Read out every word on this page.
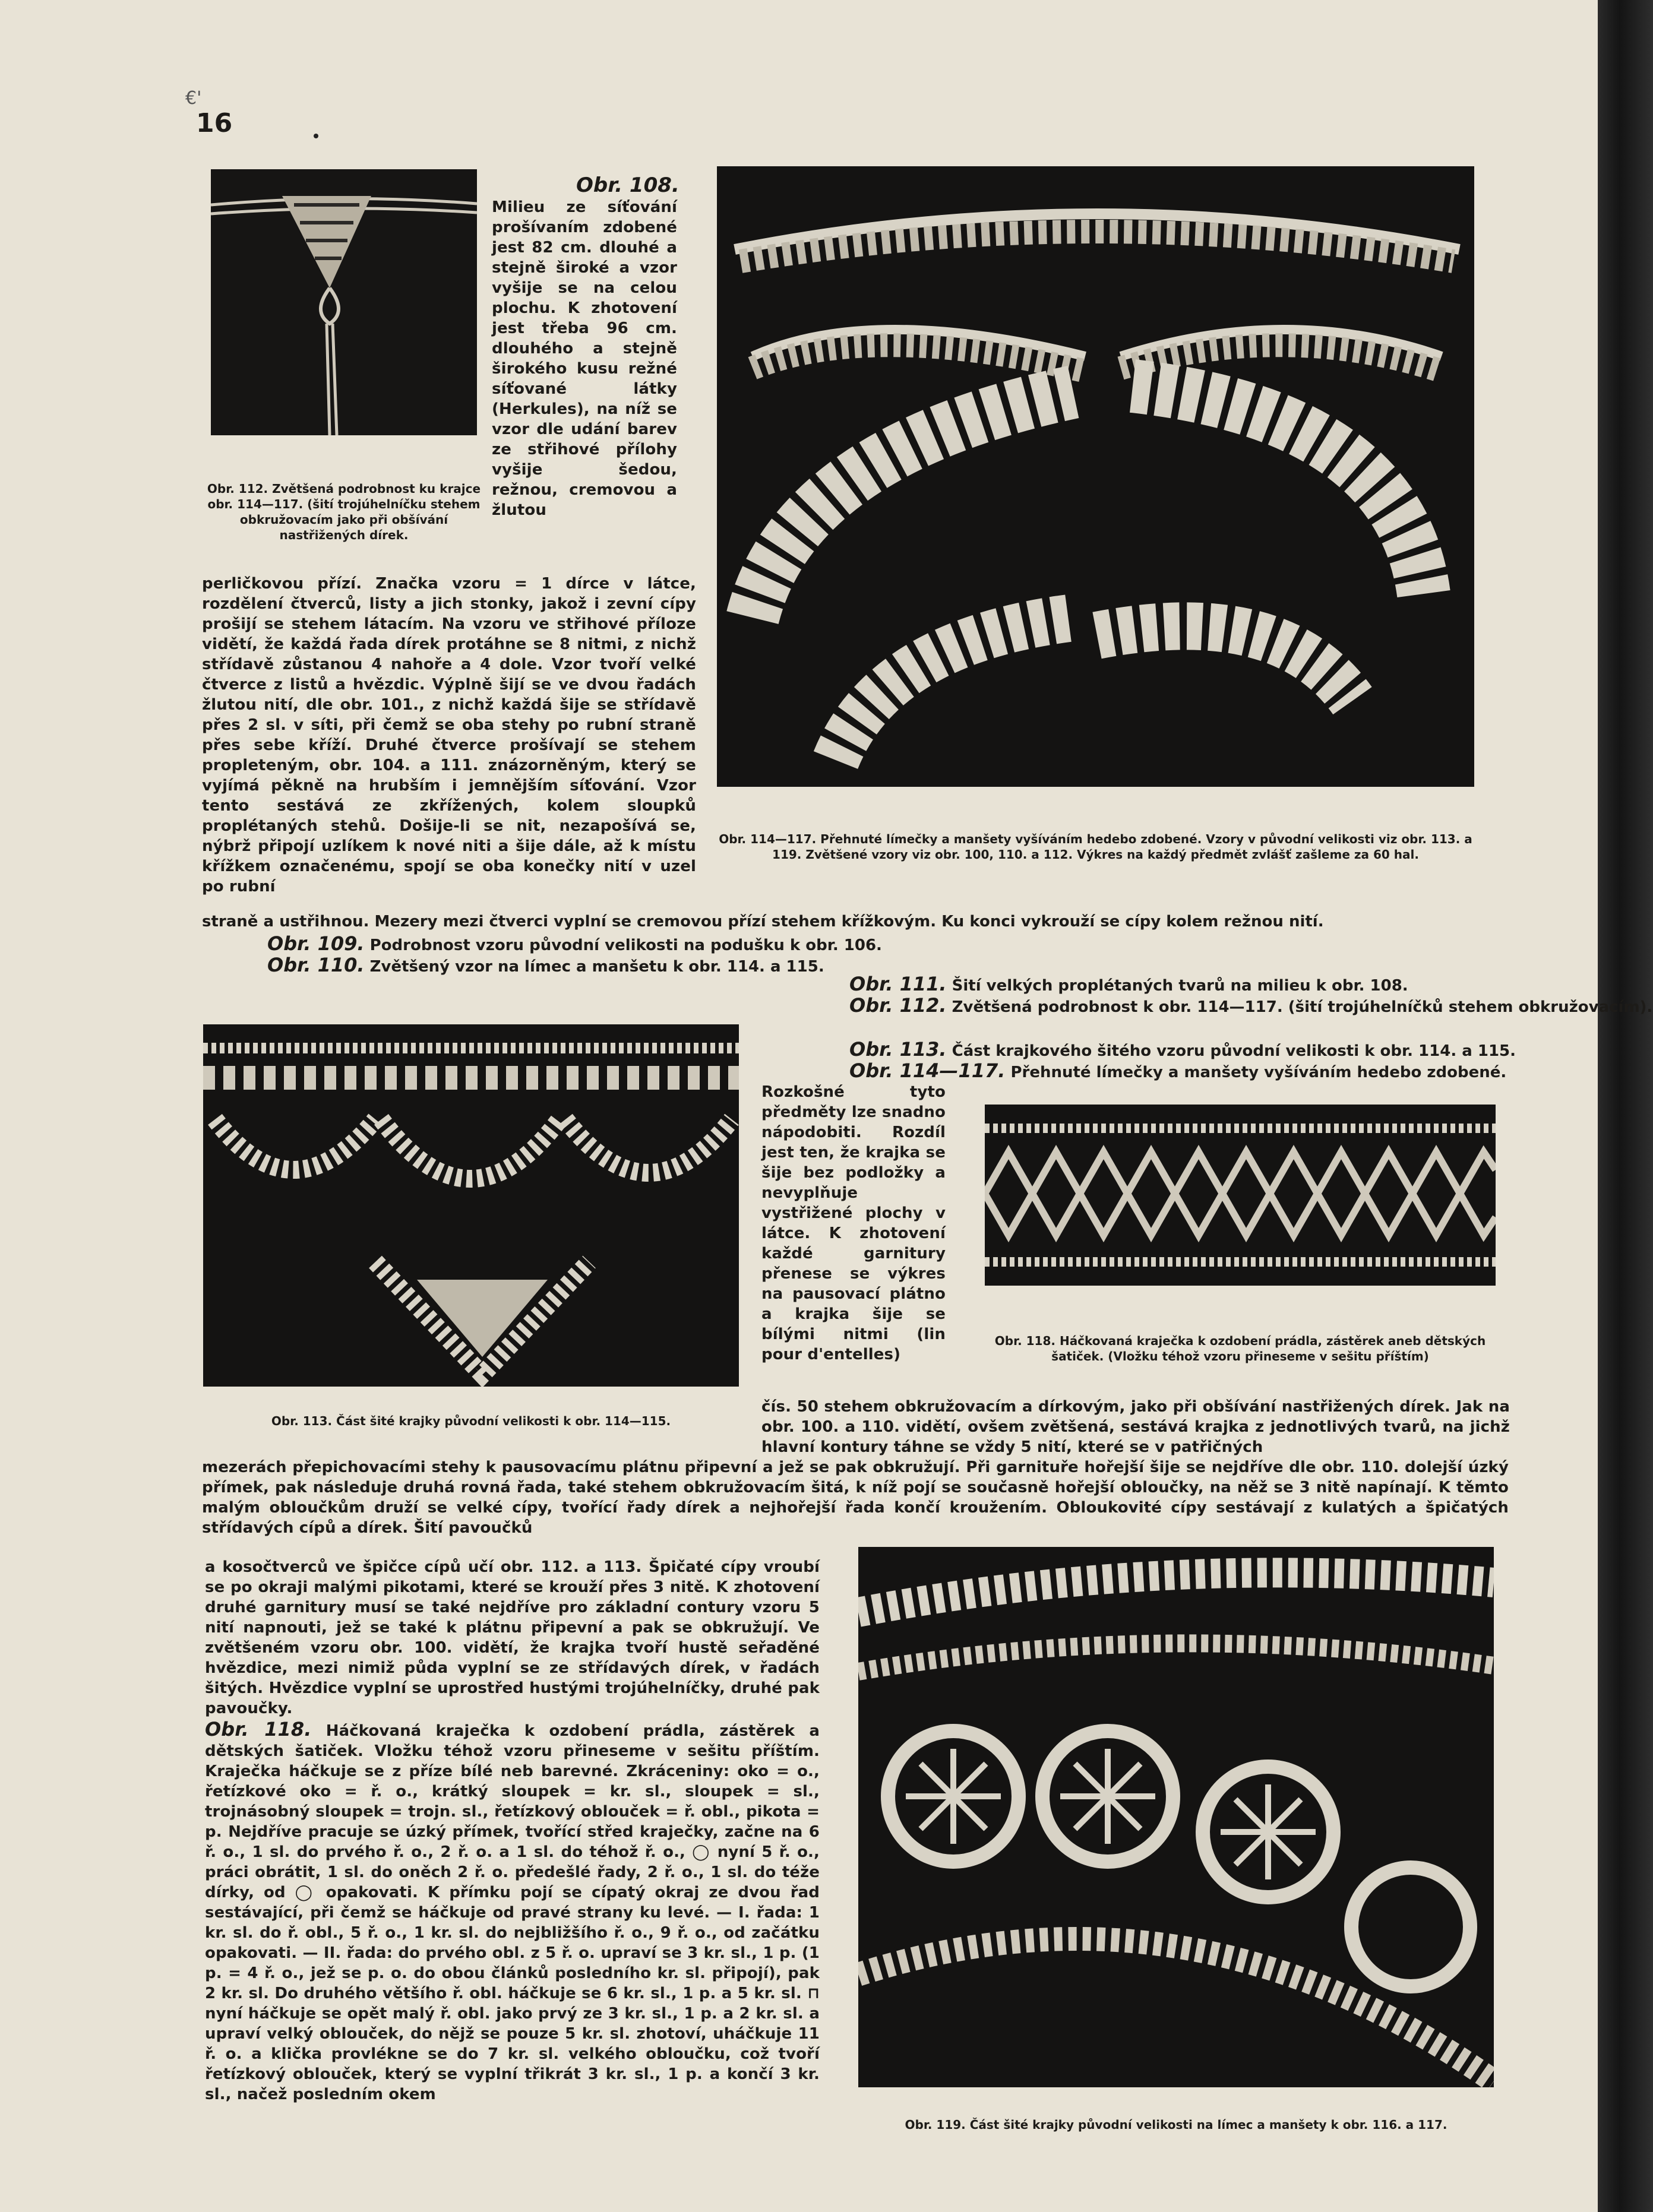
€'
16
Obr. 112. Zvětšená podrobnost ku krajce obr. 114—117. (šití trojúhelníčku stehem obkružovacím jako při obšívání nastřižených dírek.
Obr. 108.
Milieu ze síťování prošívaním zdobené jest 82 cm. dlouhé a stejně široké a vzor vyšije se na celou plochu. K zhotovení jest třeba 96 cm. dlouhého a stejně širokého kusu režné síťované látky (Herkules), na níž se vzor dle udání barev ze střihové přílohy vyšije šedou, režnou, cremovou a žlutou
Obr. 114—117. Přehnuté límečky a manšety vyšíváním hedebo zdobené. Vzory v původní velikosti viz obr. 113. a 119. Zvětšené vzory viz obr. 100, 110. a 112. Výkres na každý předmět zvlášť zašleme za 60 hal.
perličkovou přízí. Značka vzoru = 1 dírce v látce, rozdělení čtverců, listy a jich stonky, jakož i zevní cípy prošijí se stehem látacím. Na vzoru ve střihové příloze vidětí, že každá řada dírek protáhne se 8 nitmi, z nichž střídavě zůstanou 4 nahoře a 4 dole. Vzor tvoří velké čtverce z listů a hvězdic. Výplně šijí se ve dvou řadách žlutou nití, dle obr. 101., z nichž každá šije se střídavě přes 2 sl. v síti, při čemž se oba stehy po rubní straně přes sebe kříží. Druhé čtverce prošívají se stehem propleteným, obr. 104. a 111. znázorněným, který se vyjímá pěkně na hrubším i jemnějším síťování. Vzor tento sestává ze zkřížených, kolem sloupků proplétaných stehů. Došije-li se nit, nezapošívá se, nýbrž připojí uzlíkem k nové niti a šije dále, až k místu křížkem označenému, spojí se oba konečky nití v uzel po rubní
straně a ustřihnou. Mezery mezi čtverci vyplní se cremovou přízí stehem křížkovým. Ku konci vykrouží se cípy kolem režnou nití.
Obr. 109. Podrobnost vzoru původní velikosti na podušku k obr. 106.
Obr. 110. Zvětšený vzor na límec a manšetu k obr. 114. a 115.
Obr. 113. Část šité krajky původní velikosti k obr. 114—115.
Obr. 111. Šití velkých proplétaných tvarů na milieu k obr. 108.
Obr. 112. Zvětšená podrobnost k obr. 114—117. (šití trojúhelníčků stehem obkružovacím).
Obr. 113. Část krajkového šitého vzoru původní velikosti k obr. 114. a 115.
Obr. 114—117. Přehnuté límečky a manšety vyšíváním hedebo zdobené.
Rozkošné tyto předměty lze snadno nápodobiti. Rozdíl jest ten, že krajka se šije bez podložky a nevyplňuje vystřižené plochy v látce. K zhotovení každé garnitury přenese se výkres na pausovací plátno a krajka šije se bílými nitmi (lin pour d'entelles)
Obr. 118. Háčkovaná kraječka k ozdobení prádla, zástěrek aneb dětských šatiček. (Vložku téhož vzoru přineseme v sešitu příštím)
čís. 50 stehem obkružovacím a dírkovým, jako při obšívání nastřižených dírek. Jak na obr. 100. a 110. vidětí, ovšem zvětšená, sestává krajka z jednotlivých tvarů, na jichž hlavní kontury táhne se vždy 5 nití, které se v patřičných
mezerách přepichovacími stehy k pausovacímu plátnu připevní a jež se pak obkružují. Při garnituře hořejší šije se nejdříve dle obr. 110. dolejší úzký přímek, pak následuje druhá rovná řada, také stehem obkružovacím šitá, k níž pojí se současně hořejší obloučky, na něž se 3 nitě napínají. K těmto malým obloučkům druží se velké cípy, tvořící řady dírek a nejhořejší řada končí kroužením. Obloukovité cípy sestávají z kulatých a špičatých střídavých cípů a dírek. Šití pavoučků
a kosočtverců ve špičce cípů učí obr. 112. a 113. Špičaté cípy vroubí se po okraji malými pikotami, které se krouží přes 3 nitě. K zhotovení druhé garnitury musí se také nejdříve pro základní contury vzoru 5 nití napnouti, jež se také k plátnu připevní a pak se obkružují. Ve zvětšeném vzoru obr. 100. vidětí, že krajka tvoří hustě seřaděné hvězdice, mezi nimiž půda vyplní se ze střídavých dírek, v řadách šitých. Hvězdice vyplní se uprostřed hustými trojúhelníčky, druhé pak pavoučky.
Obr. 118. Háčkovaná kraječka k ozdobení prádla, zástěrek a dětských šatiček. Vložku téhož vzoru přineseme v sešitu příštím. Kraječka háčkuje se z příze bílé neb barevné. Zkráceniny: oko = o., řetízkové oko = ř. o., krátký sloupek = kr. sl., sloupek = sl., trojnásobný sloupek = trojn. sl., řetízkový oblouček = ř. obl., pikota = p. Nejdříve pracuje se úzký přímek, tvořící střed kraječky, začne na 6 ř. o., 1 sl. do prvého ř. o., 2 ř. o. a 1 sl. do téhož ř. o., ◯ nyní 5 ř. o., práci obrátit, 1 sl. do oněch 2 ř. o. předešlé řady, 2 ř. o., 1 sl. do téže dírky, od ◯ opakovati. K přímku pojí se cípatý okraj ze dvou řad sestávající, při čemž se háčkuje od pravé strany ku levé. — I. řada: 1 kr. sl. do ř. obl., 5 ř. o., 1 kr. sl. do nejbližšího ř. o., 9 ř. o., od začátku opakovati. — II. řada: do prvého obl. z 5 ř. o. upraví se 3 kr. sl., 1 p. (1 p. = 4 ř. o., jež se p. o. do obou článků posledního kr. sl. připojí), pak 2 kr. sl. Do druhého většího ř. obl. háčkuje se 6 kr. sl., 1 p. a 5 kr. sl. ⊓ nyní háčkuje se opět malý ř. obl. jako prvý ze 3 kr. sl., 1 p. a 2 kr. sl. a upraví velký oblouček, do nějž se pouze 5 kr. sl. zhotoví, uháčkuje 11 ř. o. a klička provlékne se do 7 kr. sl. velkého obloučku, což tvoří řetízkový oblouček, který se vyplní třikrát 3 kr. sl., 1 p. a končí 3 kr. sl., načež posledním okem
Obr. 119. Část šité krajky původní velikosti na límec a manšety k obr. 116. a 117.
